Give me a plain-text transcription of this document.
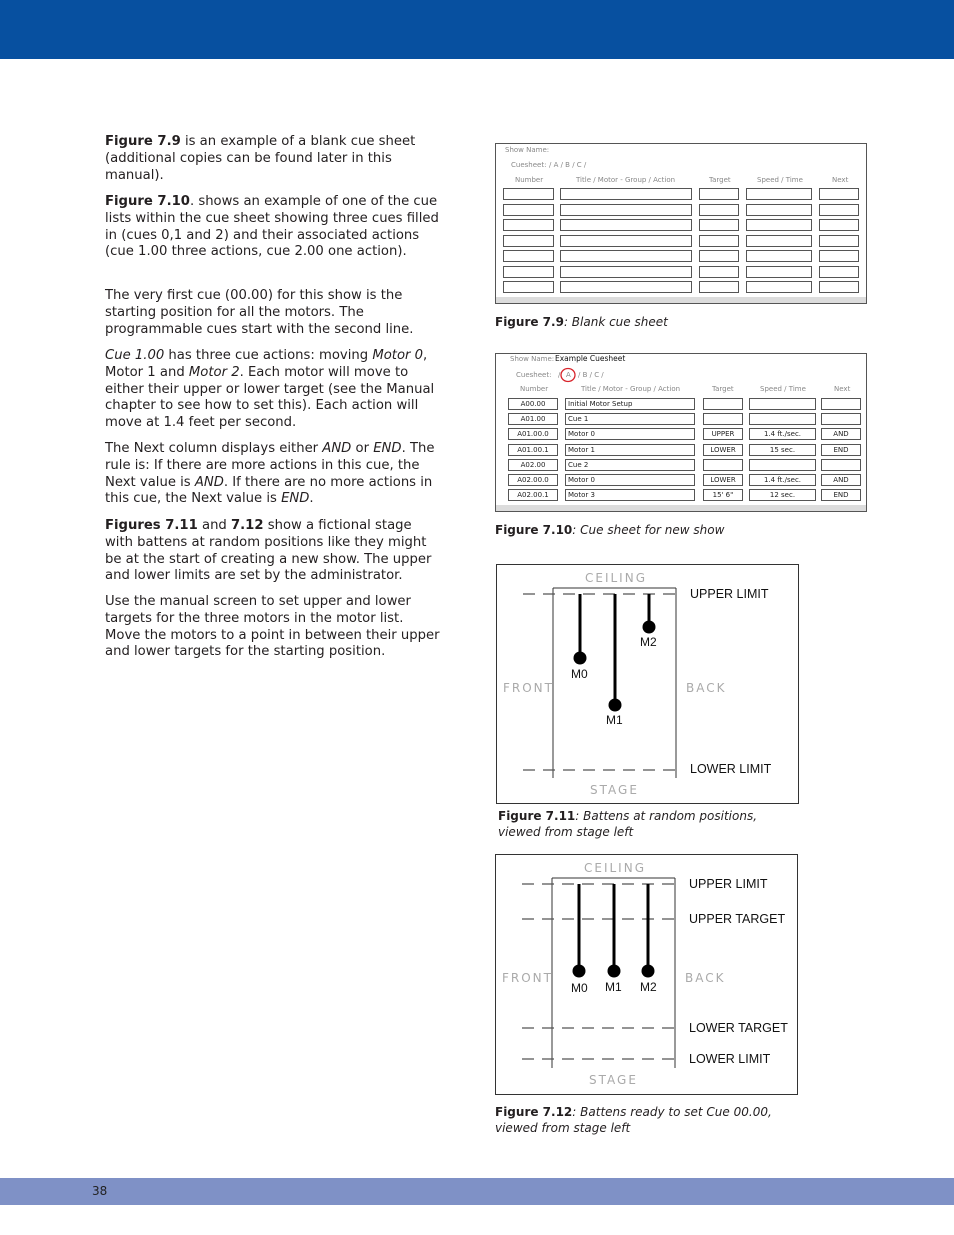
Figure 7.9 is an example of a blank cue sheet (additional copies can be found later in this manual).

Figure 7.10. shows an example of one of the cue lists within the cue sheet showing three cues filled in (cues 0,1 and 2) and their associated actions (cue 1.00 three actions, cue 2.00 one action).

The very first cue (00.00) for this show is the starting position for all the motors. The programmable cues start with the second line.

Cue 1.00 has three cue actions: moving Motor 0, Motor 1 and Motor 2. Each motor will move to either their upper or lower target (see the Manual chapter to see how to set this). Each action will move at 1.4 feet per second.

The Next column displays either AND or END. The rule is: If there are more actions in this cue, the Next value is AND. If there are no more actions in this cue, the Next value is END.

Figures 7.11 and 7.12 show a fictional stage with battens at random positions like they might be at the start of creating a new show. The upper and lower limits are set by the administrator.

Use the manual screen to set upper and lower targets for the three motors in the motor list. Move the motors to a point in between their upper and lower targets for the starting position.

Show Name:
Cuesheet: / A / B / C /
Number	Title / Motor - Group / Action	Target	Speed / Time	Next
Figure 7.9: Blank cue sheet
Show Name: Example Cuesheet
Cuesheet: / A / B / C /
Number	Title / Motor - Group / Action	Target	Speed / Time	Next
A00.00	Initial Motor Setup
A01.00	Cue 1
A01.00.0	Motor 0	UPPER	1.4 ft./sec.	AND
A01.00.1	Motor 1	LOWER	15 sec.	END
A02.00	Cue 2
A02.00.0	Motor 0	LOWER	1.4 ft./sec.	AND
A02.00.1	Motor 3	15' 6"	12 sec.	END
Figure 7.10: Cue sheet for new show
CEILING
FRONT	BACK
STAGE
UPPER LIMIT
LOWER LIMIT
M0
M1
M2
Figure 7.11: Battens at random positions, viewed from stage left
CEILING
FRONT	BACK
STAGE
UPPER LIMIT
UPPER TARGET
LOWER TARGET
LOWER LIMIT
M0 M1 M2
Figure 7.12: Battens ready to set Cue 00.00, viewed from stage left
38
